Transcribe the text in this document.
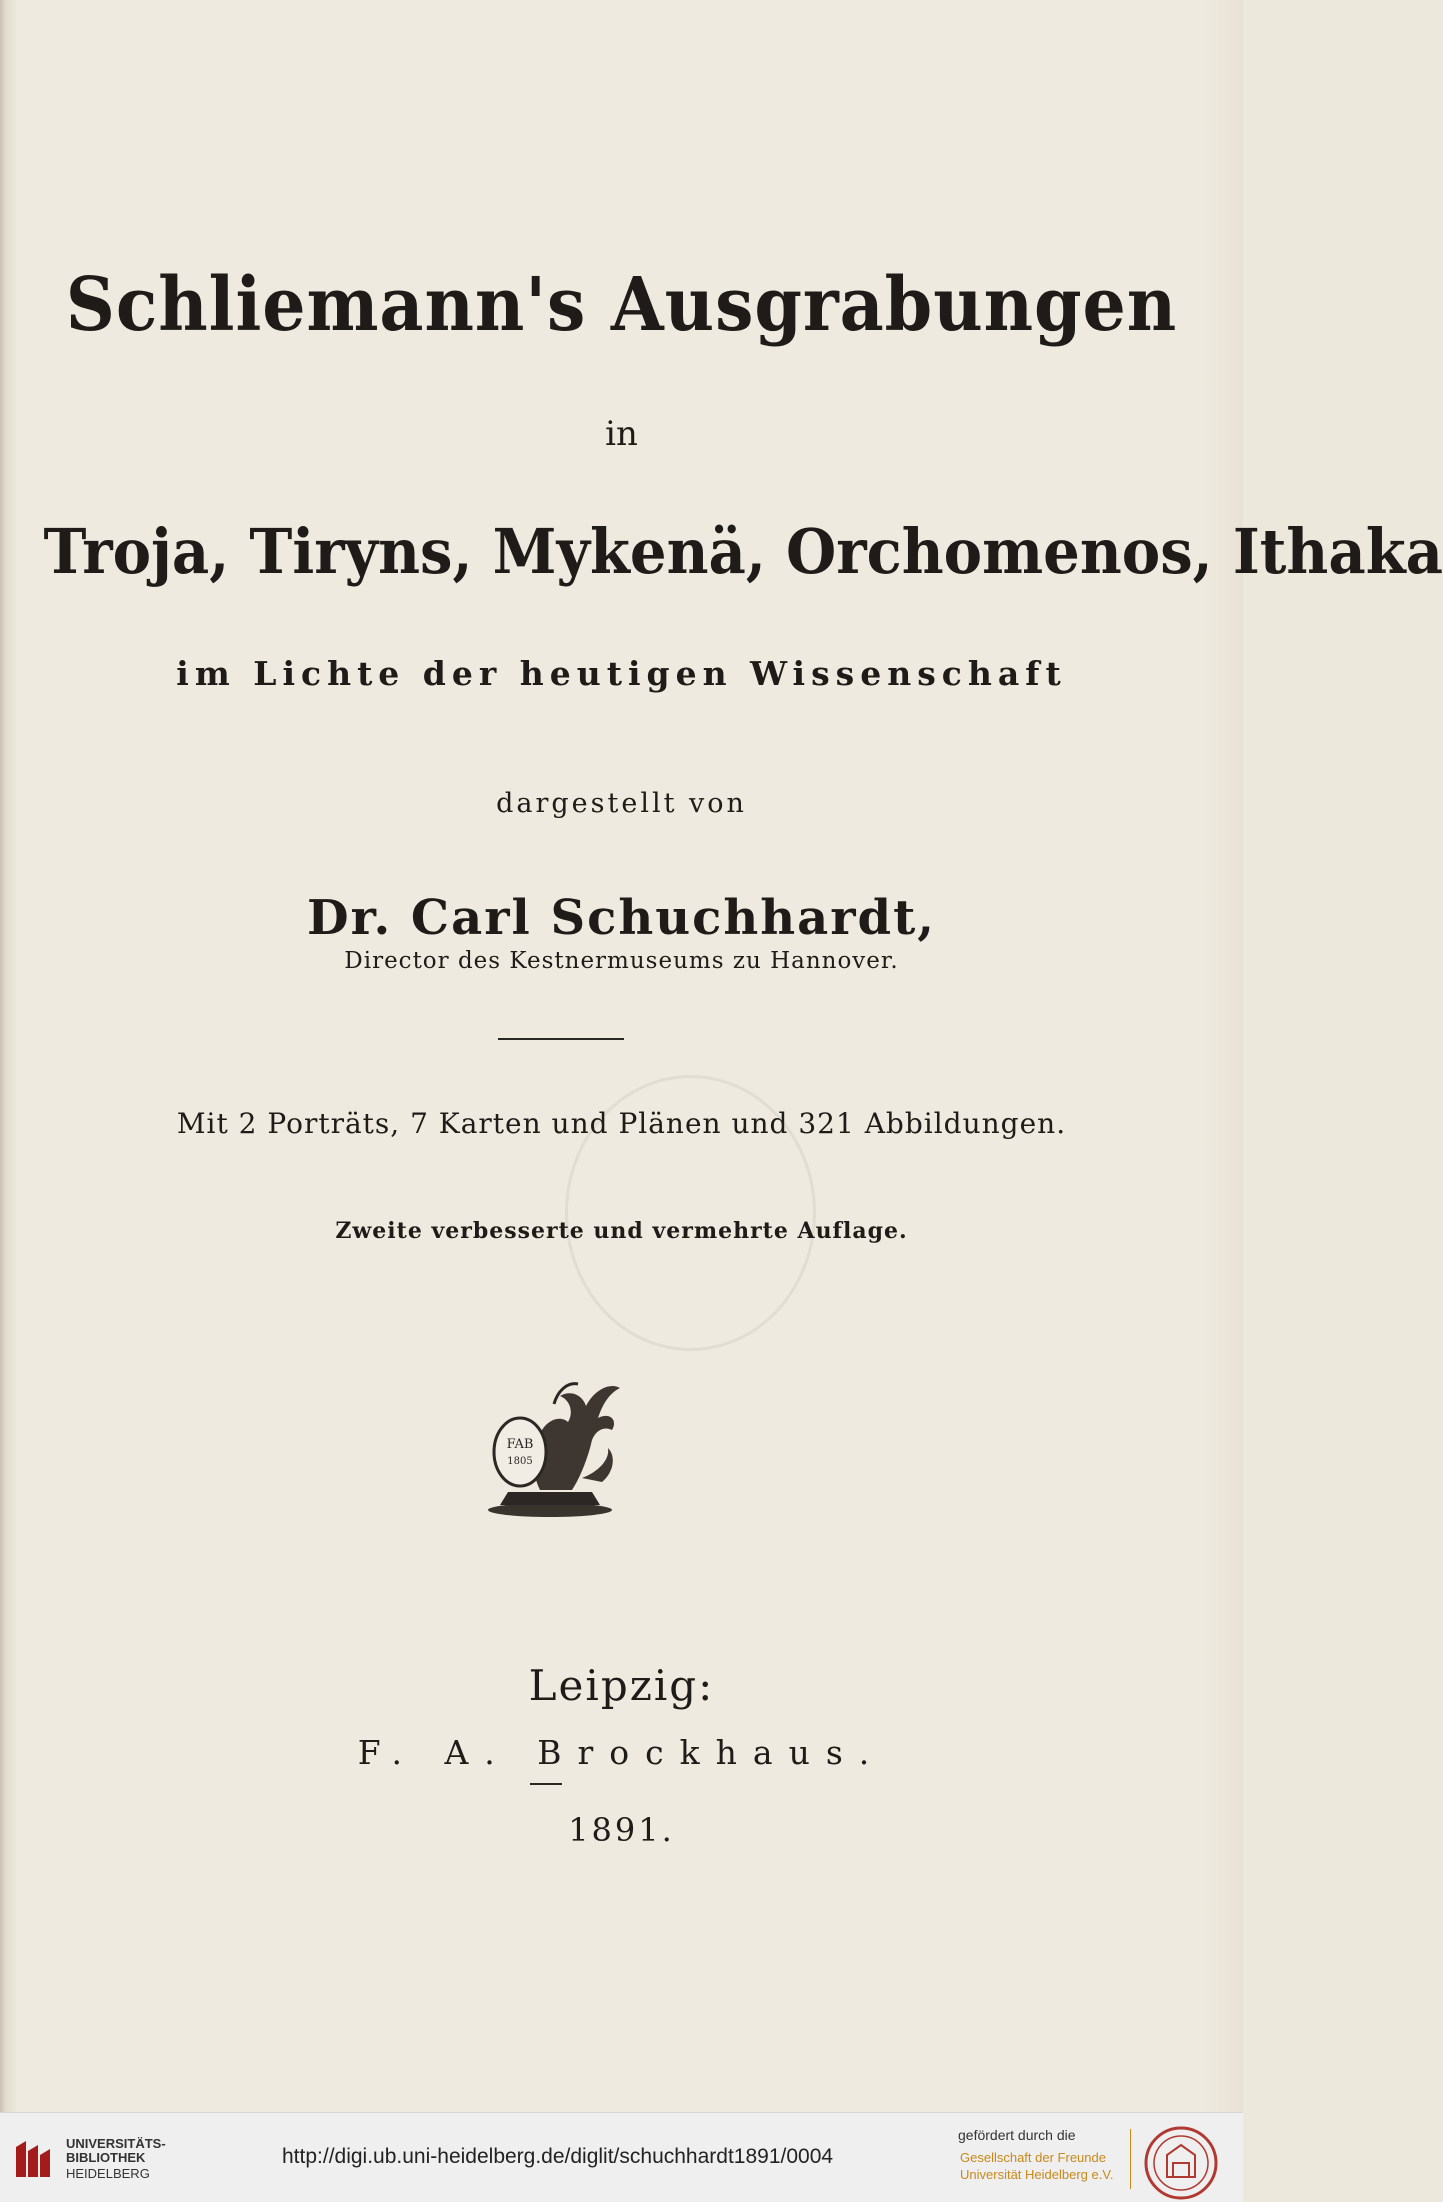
Schliemann's Ausgrabungen
in
Troja, Tiryns, Mykenä, Orchomenos, Ithaka
im Lichte der heutigen Wissenschaft
dargestellt von
Dr. Carl Schuchhardt,
Director des Kestnermuseums zu Hannover.
Mit 2 Porträts, 7 Karten und Plänen und 321 Abbildungen.
Zweite verbesserte und vermehrte Auflage.
FAB
1805
Leipzig:
F. A. Brockhaus.
1891.
UNIVERSITÄTS-
BIBLIOTHEK
HEIDELBERG
http://digi.ub.uni-heidelberg.de/diglit/schuchhardt1891/0004
gefördert durch die
Gesellschaft der Freunde
Universität Heidelberg e.V.
